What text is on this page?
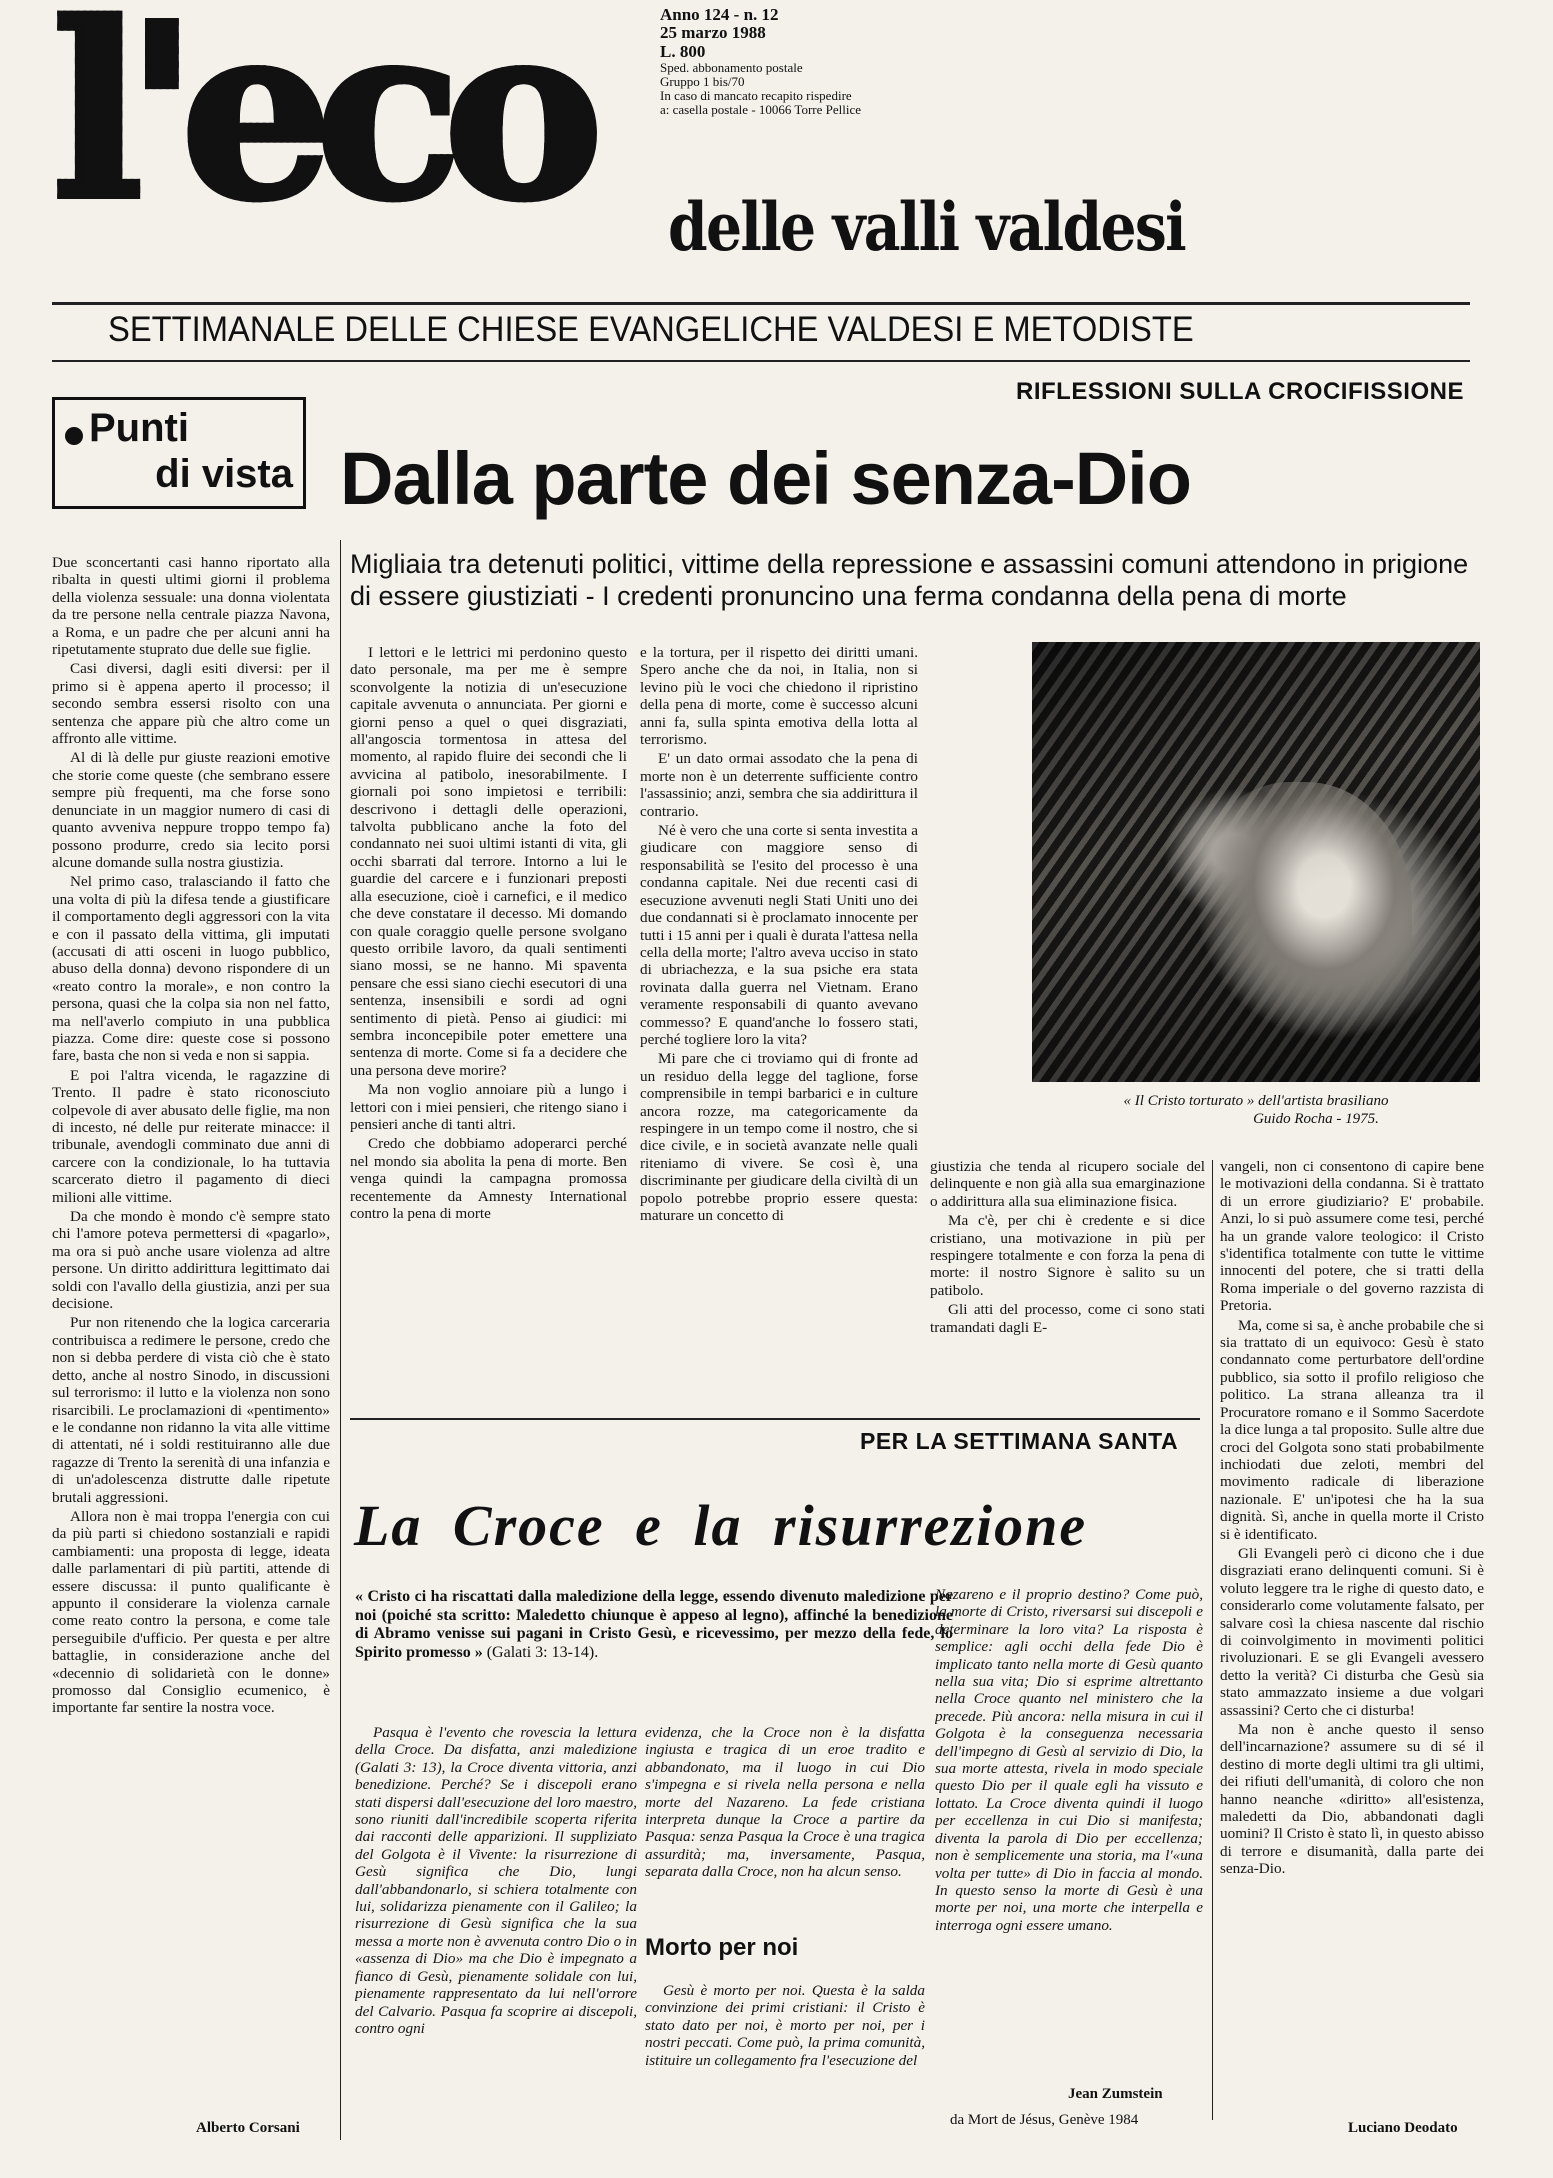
l'eco	Anno 124 - n. 12
25 marzo 1988
L. 800
Sped. abbonamento postale
Gruppo 1 bis/70
In caso di mancato recapito rispedire
a: casella postale - 10066 Torre Pellice
delle valli valdesi
SETTIMANALE DELLE CHIESE EVANGELICHE VALDESI E METODISTE
Punti
di vista

Due sconcertanti casi hanno riportato alla ribalta in questi ultimi giorni il problema della violenza sessuale: una donna violentata da tre persone nella centrale piazza Navona, a Roma, e un padre che per alcuni anni ha ripetutamente stuprato due delle sue figlie.

Casi diversi, dagli esiti diversi: per il primo si è appena aperto il processo; il secondo sembra essersi risolto con una sentenza che appare più che altro come un affronto alle vittime.

Al di là delle pur giuste reazioni emotive che storie come queste (che sembrano essere sempre più frequenti, ma che forse sono denunciate in un maggior numero di casi di quanto avveniva neppure troppo tempo fa) possono produrre, credo sia lecito porsi alcune domande sulla nostra giustizia.

Nel primo caso, tralasciando il fatto che una volta di più la difesa tende a giustificare il comportamento degli aggressori con la vita e con il passato della vittima, gli imputati (accusati di atti osceni in luogo pubblico, abuso della donna) devono rispondere di un «reato contro la morale», e non contro la persona, quasi che la colpa sia non nel fatto, ma nell'averlo compiuto in una pubblica piazza. Come dire: queste cose si possono fare, basta che non si veda e non si sappia.

E poi l'altra vicenda, le ragazzine di Trento. Il padre è stato riconosciuto colpevole di aver abusato delle figlie, ma non di incesto, né delle pur reiterate minacce: il tribunale, avendogli comminato due anni di carcere con la condizionale, lo ha tuttavia scarcerato dietro il pagamento di dieci milioni alle vittime.

Da che mondo è mondo c'è sempre stato chi l'amore poteva permettersi di «pagarlo», ma ora si può anche usare violenza ad altre persone. Un diritto addirittura legittimato dai soldi con l'avallo della giustizia, anzi per sua decisione.

Pur non ritenendo che la logica carceraria contribuisca a redimere le persone, credo che non si debba perdere di vista ciò che è stato detto, anche al nostro Sinodo, in discussioni sul terrorismo: il lutto e la violenza non sono risarcibili. Le proclamazioni di «pentimento» e le condanne non ridanno la vita alle vittime di attentati, né i soldi restituiranno alle due ragazze di Trento la serenità di una infanzia e di un'adolescenza distrutte dalle ripetute brutali aggressioni.

Allora non è mai troppa l'energia con cui da più parti si chiedono sostanziali e rapidi cambiamenti: una proposta di legge, ideata dalle parlamentari di più partiti, attende di essere discussa: il punto qualificante è appunto il considerare la violenza carnale come reato contro la persona, e come tale perseguibile d'ufficio. Per questa e per altre battaglie, in considerazione anche del «decennio di solidarietà con le donne» promosso dal Consiglio ecumenico, è importante far sentire la nostra voce.

Alberto Corsani
RIFLESSIONI SULLA CROCIFISSIONE
Dalla parte dei senza-Dio
Migliaia tra detenuti politici, vittime della repressione e assassini comuni attendono in prigione di essere giustiziati - I credenti pronuncino una ferma condanna della pena di morte

I lettori e le lettrici mi perdonino questo dato personale, ma per me è sempre sconvolgente la notizia di un'esecuzione capitale avvenuta o annunciata. Per giorni e giorni penso a quel o quei disgraziati, all'angoscia tormentosa in attesa del momento, al rapido fluire dei secondi che li avvicina al patibolo, inesorabilmente. I giornali poi sono impietosi e terribili: descrivono i dettagli delle operazioni, talvolta pubblicano anche la foto del condannato nei suoi ultimi istanti di vita, gli occhi sbarrati dal terrore. Intorno a lui le guardie del carcere e i funzionari preposti alla esecuzione, cioè i carnefici, e il medico che deve constatare il decesso. Mi domando con quale coraggio quelle persone svolgano questo orribile lavoro, da quali sentimenti siano mossi, se ne hanno. Mi spaventa pensare che essi siano ciechi esecutori di una sentenza, insensibili e sordi ad ogni sentimento di pietà. Penso ai giudici: mi sembra inconcepibile poter emettere una sentenza di morte. Come si fa a decidere che una persona deve morire?

Ma non voglio annoiare più a lungo i lettori con i miei pensieri, che ritengo siano i pensieri anche di tanti altri.

Credo che dobbiamo adoperarci perché nel mondo sia abolita la pena di morte. Ben venga quindi la campagna promossa recentemente da Amnesty International contro la pena di morte

e la tortura, per il rispetto dei diritti umani. Spero anche che da noi, in Italia, non si levino più le voci che chiedono il ripristino della pena di morte, come è successo alcuni anni fa, sulla spinta emotiva della lotta al terrorismo.

E' un dato ormai assodato che la pena di morte non è un deterrente sufficiente contro l'assassinio; anzi, sembra che sia addirittura il contrario.

Né è vero che una corte si senta investita a giudicare con maggiore senso di responsabilità se l'esito del processo è una condanna capitale. Nei due recenti casi di esecuzione avvenuti negli Stati Uniti uno dei due condannati si è proclamato innocente per tutti i 15 anni per i quali è durata l'attesa nella cella della morte; l'altro aveva ucciso in stato di ubriachezza, e la sua psiche era stata rovinata dalla guerra nel Vietnam. Erano veramente responsabili di quanto avevano commesso? E quand'anche lo fossero stati, perché togliere loro la vita?

Mi pare che ci troviamo qui di fronte ad un residuo della legge del taglione, forse comprensibile in tempi barbarici e in culture ancora rozze, ma categoricamente da respingere in un tempo come il nostro, che si dice civile, e in società avanzate nelle quali riteniamo di vivere. Se così è, una discriminante per giudicare della civiltà di un popolo potrebbe proprio essere questa: maturare un concetto di

« Il Cristo torturato » dell'artista brasiliano
Guido Rocha - 1975.

giustizia che tenda al ricupero sociale del delinquente e non già alla sua emarginazione o addirittura alla sua eliminazione fisica.

Ma c'è, per chi è credente e si dice cristiano, una motivazione in più per respingere totalmente e con forza la pena di morte: il nostro Signore è salito su un patibolo.

Gli atti del processo, come ci sono stati tramandati dagli E-

vangeli, non ci consentono di capire bene le motivazioni della condanna. Si è trattato di un errore giudiziario? E' probabile. Anzi, lo si può assumere come tesi, perché ha un grande valore teologico: il Cristo s'identifica totalmente con tutte le vittime innocenti del potere, che si tratti della Roma imperiale o del governo razzista di Pretoria.

Ma, come si sa, è anche probabile che si sia trattato di un equivoco: Gesù è stato condannato come perturbatore dell'ordine pubblico, sia sotto il profilo religioso che politico. La strana alleanza tra il Procuratore romano e il Sommo Sacerdote la dice lunga a tal proposito. Sulle altre due croci del Golgota sono stati probabilmente inchiodati due zeloti, membri del movimento radicale di liberazione nazionale. E' un'ipotesi che ha la sua dignità. Sì, anche in quella morte il Cristo si è identificato.

Gli Evangeli però ci dicono che i due disgraziati erano delinquenti comuni. Si è voluto leggere tra le righe di questo dato, e considerarlo come volutamente falsato, per salvare così la chiesa nascente dal rischio di coinvolgimento in movimenti politici rivoluzionari. E se gli Evangeli avessero detto la verità? Ci disturba che Gesù sia stato ammazzato insieme a due volgari assassini? Certo che ci disturba!

Ma non è anche questo il senso dell'incarnazione? assumere su di sé il destino di morte degli ultimi tra gli ultimi, dei rifiuti dell'umanità, di coloro che non hanno neanche «diritto» all'esistenza, maledetti da Dio, abbandonati dagli uomini? Il Cristo è stato lì, in questo abisso di terrore e disumanità, dalla parte dei senza-Dio.

Luciano Deodato
PER LA SETTIMANA SANTA
La Croce e la risurrezione
« Cristo ci ha riscattati dalla maledizione della legge, essendo divenuto maledizione per noi (poiché sta scritto: Maledetto chiunque è appeso al legno), affinché la benedizione di Abramo venisse sui pagani in Cristo Gesù, e ricevessimo, per mezzo della fede, lo Spirito promesso » (Galati 3: 13-14).

Pasqua è l'evento che rovescia la lettura della Croce. Da disfatta, anzi maledizione (Galati 3: 13), la Croce diventa vittoria, anzi benedizione. Perché? Se i discepoli erano stati dispersi dall'esecuzione del loro maestro, sono riuniti dall'incredibile scoperta riferita dai racconti delle apparizioni. Il suppliziato del Golgota è il Vivente: la risurrezione di Gesù significa che Dio, lungi dall'abbandonarlo, si schiera totalmente con lui, solidarizza pienamente con il Galileo; la risurrezione di Gesù significa che la sua messa a morte non è avvenuta contro Dio o in «assenza di Dio» ma che Dio è impegnato a fianco di Gesù, pienamente solidale con lui, pienamente rappresentato da lui nell'orrore del Calvario. Pasqua fa scoprire ai discepoli, contro ogni

evidenza, che la Croce non è la disfatta ingiusta e tragica di un eroe tradito e abbandonato, ma il luogo in cui Dio s'impegna e si rivela nella persona e nella morte del Nazareno. La fede cristiana interpreta dunque la Croce a partire da Pasqua: senza Pasqua la Croce è una tragica assurdità; ma, inversamente, Pasqua, separata dalla Croce, non ha alcun senso.

Morto per noi

Gesù è morto per noi. Questa è la salda convinzione dei primi cristiani: il Cristo è stato dato per noi, è morto per noi, per i nostri peccati. Come può, la prima comunità, istituire un collegamento fra l'esecuzione del

Nazareno e il proprio destino? Come può, la morte di Cristo, riversarsi sui discepoli e determinare la loro vita? La risposta è semplice: agli occhi della fede Dio è implicato tanto nella morte di Gesù quanto nella sua vita; Dio si esprime altrettanto nella Croce quanto nel ministero che la precede. Più ancora: nella misura in cui il Golgota è la conseguenza necessaria dell'impegno di Gesù al servizio di Dio, la sua morte attesta, rivela in modo speciale questo Dio per il quale egli ha vissuto e lottato. La Croce diventa quindi il luogo per eccellenza in cui Dio si manifesta; diventa la parola di Dio per eccellenza; non è semplicemente una storia, ma l'«una volta per tutte» di Dio in faccia al mondo. In questo senso la morte di Gesù è una morte per noi, una morte che interpella e interroga ogni essere umano.

Jean Zumstein
da Mort de Jésus, Genève 1984
